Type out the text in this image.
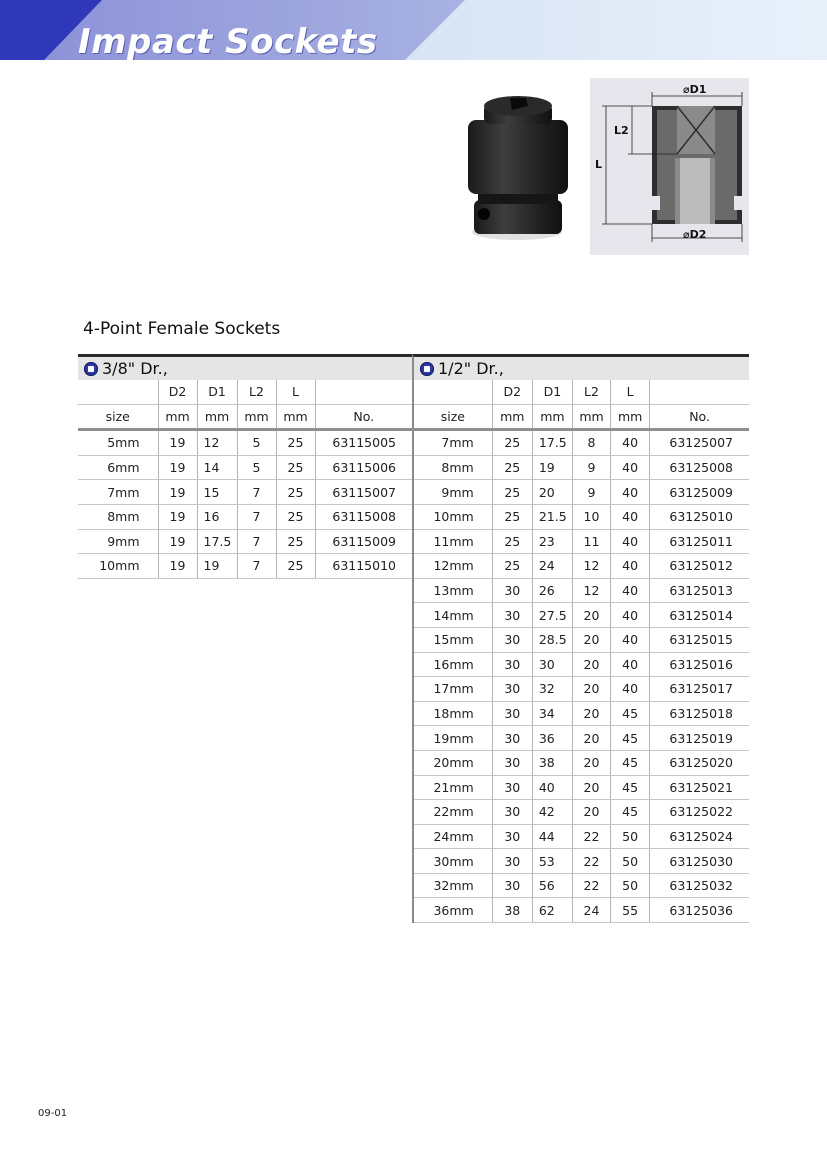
Impact Sockets
⌀D1
⌀D2
L2
L
4-Point Female Sockets
3/8" Dr.,
	D2	D1	L2	L	
size	mm	mm	mm	mm	No.
5mm	19	12	5	25	63115005
6mm	19	14	5	25	63115006
7mm	19	15	7	25	63115007
8mm	19	16	7	25	63115008
9mm	19	17.5	7	25	63115009
10mm	19	19	7	25	63115010
1/2" Dr.,
	D2	D1	L2	L	
size	mm	mm	mm	mm	No.
7mm	25	17.5	8	40	63125007
8mm	25	19	9	40	63125008
9mm	25	20	9	40	63125009
10mm	25	21.5	10	40	63125010
11mm	25	23	11	40	63125011
12mm	25	24	12	40	63125012
13mm	30	26	12	40	63125013
14mm	30	27.5	20	40	63125014
15mm	30	28.5	20	40	63125015
16mm	30	30	20	40	63125016
17mm	30	32	20	40	63125017
18mm	30	34	20	45	63125018
19mm	30	36	20	45	63125019
20mm	30	38	20	45	63125020
21mm	30	40	20	45	63125021
22mm	30	42	20	45	63125022
24mm	30	44	22	50	63125024
30mm	30	53	22	50	63125030
32mm	30	56	22	50	63125032
36mm	38	62	24	55	63125036
09-01
